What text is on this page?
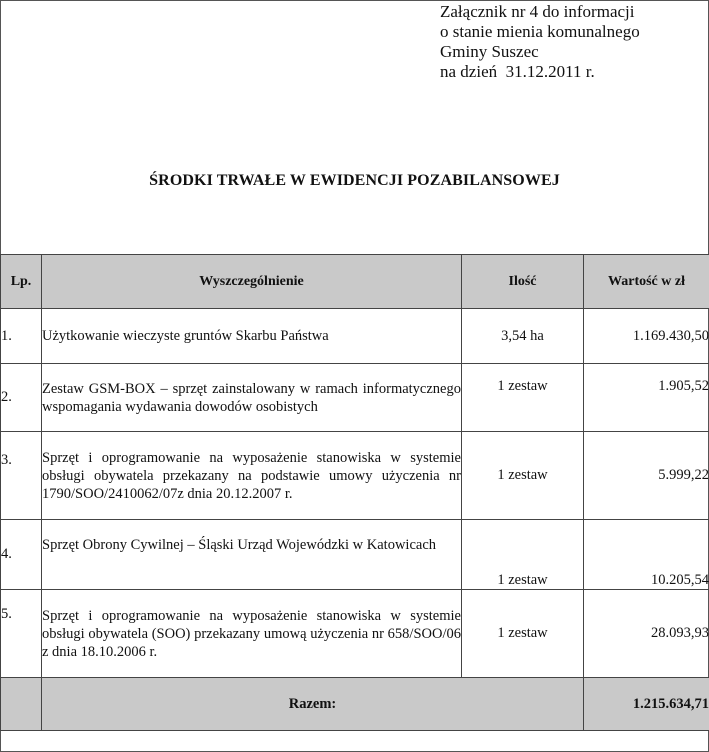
Załącznik nr 4 do informacji
o stanie mienia komunalnego
Gminy Suszec
na dzień  31.12.2011 r.
ŚRODKI TRWAŁE W EWIDENCJI POZABILANSOWEJ
Lp.	Wyszczególnienie	Ilość	Wartość w zł
1.	Użytkowanie wieczyste gruntów Skarbu Państwa	3,54 ha	1.169.430,50
2.	Zestaw GSM-BOX – sprzęt zainstalowany w ramach informatycznego wspomagania wydawania dowodów osobistych	1 zestaw	1.905,52
3.	Sprzęt i oprogramowanie na wyposażenie stanowiska w systemie obsługi obywatela przekazany na podstawie umowy użyczenia nr 1790/SOO/2410062/07z dnia 20.12.2007 r.	1 zestaw	5.999,22
4.	Sprzęt Obrony Cywilnej – Śląski Urząd Wojewódzki w Katowicach	1 zestaw	10.205,54
5.	Sprzęt i oprogramowanie na wyposażenie stanowiska w systemie obsługi obywatela (SOO) przekazany umową użyczenia nr 658/SOO/06 z dnia 18.10.2006 r.	1 zestaw	28.093,93
	Razem:		1.215.634,71
